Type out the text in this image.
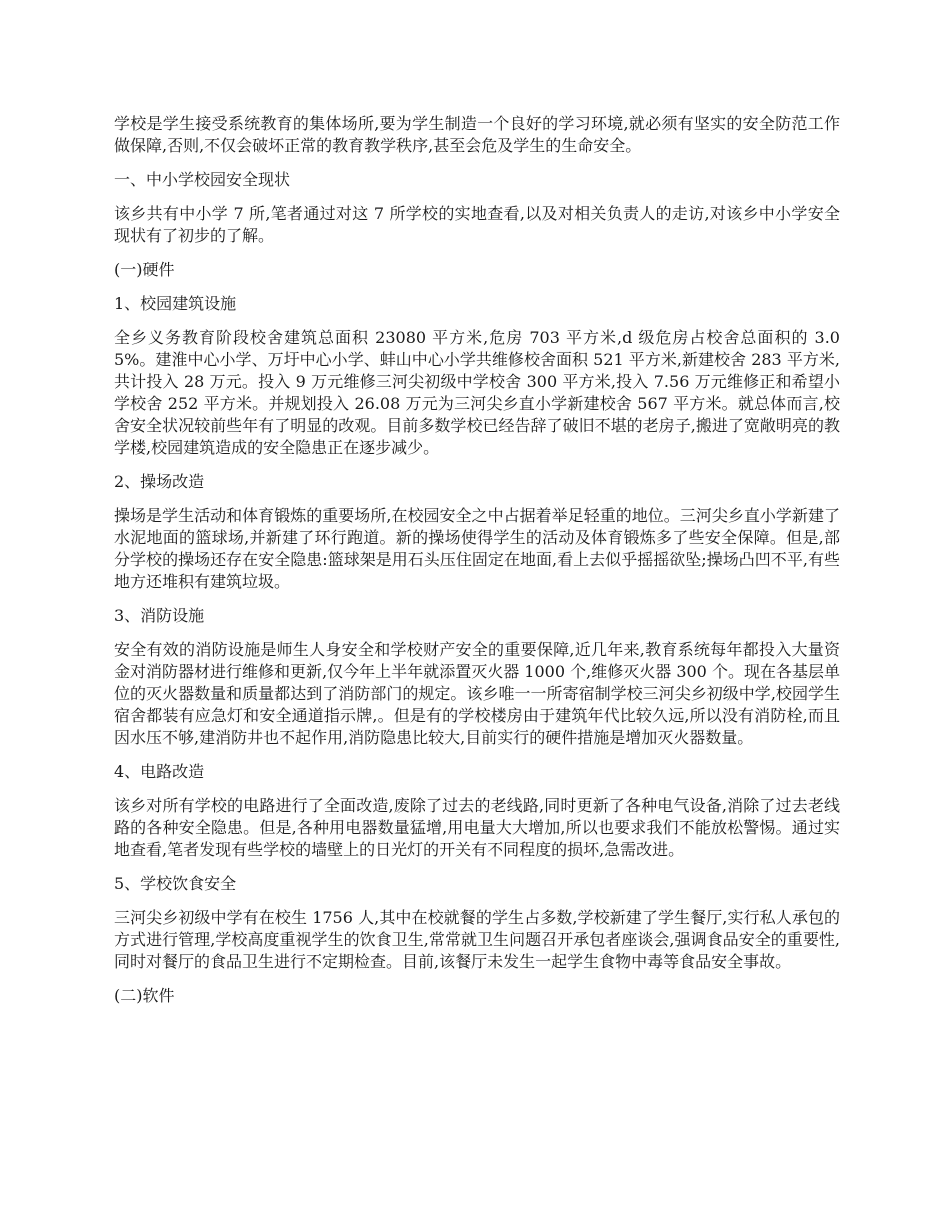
学校是学生接受系统教育的集体场所,要为学生制造一个良好的学习环境,就必须有坚实的安全防范工作做保障,否则,不仅会破坏正常的教育教学秩序,甚至会危及学生的生命安全。

一、中小学校园安全现状

该乡共有中小学 7 所,笔者通过对这 7 所学校的实地查看,以及对相关负责人的走访,对该乡中小学安全现状有了初步的了解。

(一)硬件

1、校园建筑设施

全乡义务教育阶段校舍建筑总面积 23080 平方米,危房 703 平方米,d 级危房占校舍总面积的 3.05%。建淮中心小学、万圩中心小学、蚌山中心小学共维修校舍面积 521 平方米,新建校舍 283 平方米,共计投入 28 万元。投入 9 万元维修三河尖初级中学校舍 300 平方米,投入 7.56 万元维修正和希望小学校舍 252 平方米。并规划投入 26.08 万元为三河尖乡直小学新建校舍 567 平方米。就总体而言,校舍安全状况较前些年有了明显的改观。目前多数学校已经告辞了破旧不堪的老房子,搬进了宽敞明亮的教学楼,校园建筑造成的安全隐患正在逐步减少。

2、操场改造

操场是学生活动和体育锻炼的重要场所,在校园安全之中占据着举足轻重的地位。三河尖乡直小学新建了水泥地面的篮球场,并新建了环行跑道。新的操场使得学生的活动及体育锻炼多了些安全保障。但是,部分学校的操场还存在安全隐患:篮球架是用石头压住固定在地面,看上去似乎摇摇欲坠;操场凸凹不平,有些地方还堆积有建筑垃圾。

3、消防设施

安全有效的消防设施是师生人身安全和学校财产安全的重要保障,近几年来,教育系统每年都投入大量资金对消防器材进行维修和更新,仅今年上半年就添置灭火器 1000 个,维修灭火器 300 个。现在各基层单位的灭火器数量和质量都达到了消防部门的规定。该乡唯一一所寄宿制学校三河尖乡初级中学,校园学生宿舍都装有应急灯和安全通道指示牌,。但是有的学校楼房由于建筑年代比较久远,所以没有消防栓,而且因水压不够,建消防井也不起作用,消防隐患比较大,目前实行的硬件措施是增加灭火器数量。

4、电路改造

该乡对所有学校的电路进行了全面改造,废除了过去的老线路,同时更新了各种电气设备,消除了过去老线路的各种安全隐患。但是,各种用电器数量猛增,用电量大大增加,所以也要求我们不能放松警惕。通过实地查看,笔者发现有些学校的墙壁上的日光灯的开关有不同程度的损坏,急需改进。

5、学校饮食安全

三河尖乡初级中学有在校生 1756 人,其中在校就餐的学生占多数,学校新建了学生餐厅,实行私人承包的方式进行管理,学校高度重视学生的饮食卫生,常常就卫生问题召开承包者座谈会,强调食品安全的重要性,同时对餐厅的食品卫生进行不定期检查。目前,该餐厅未发生一起学生食物中毒等食品安全事故。

(二)软件
